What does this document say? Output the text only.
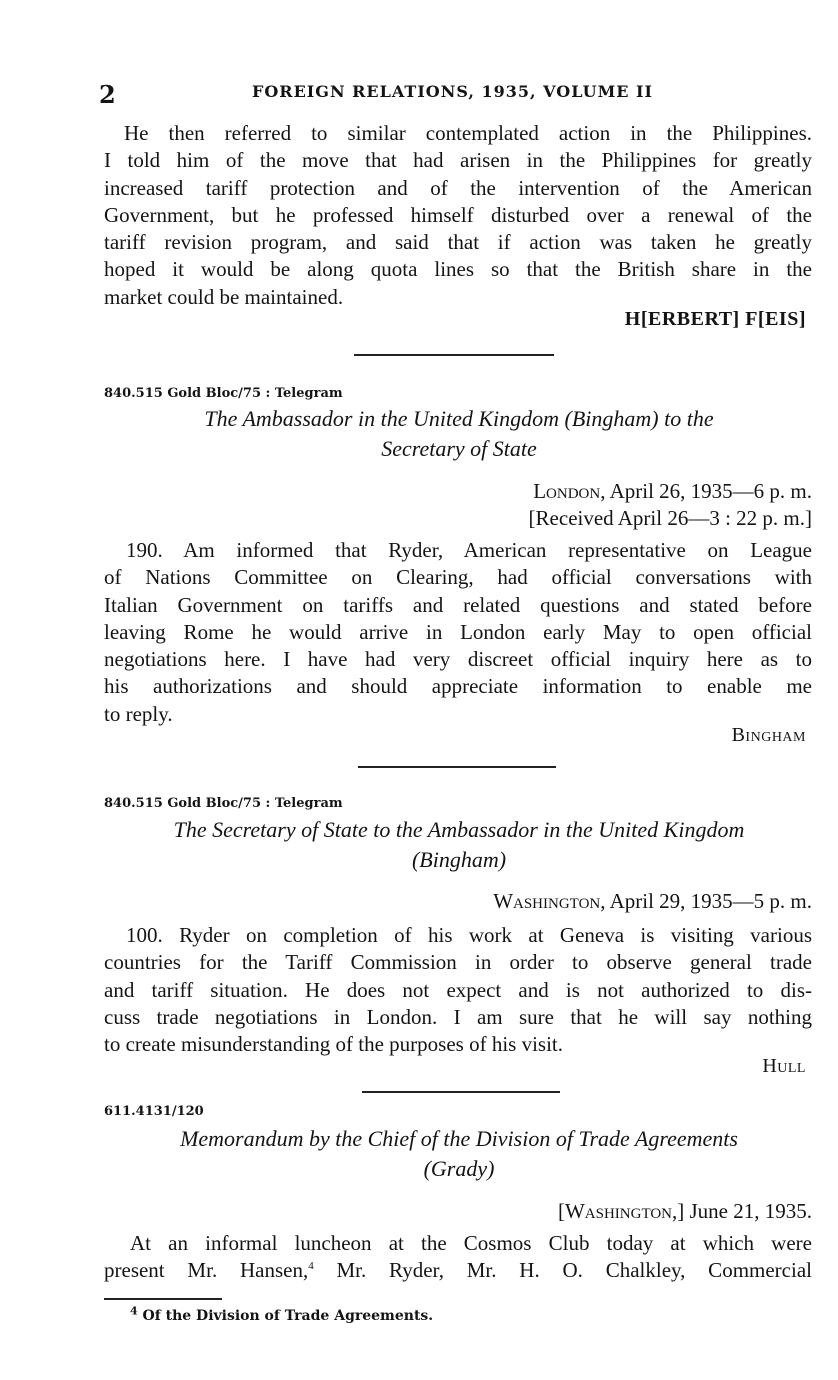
2	FOREIGN RELATIONS, 1935, VOLUME II
He then referred to similar contemplated action in the Philippines.
I told him of the move that had arisen in the Philippines for greatly
increased tariff protection and of the intervention of the American
Government, but he professed himself disturbed over a renewal of the
tariff revision program, and said that if action was taken he greatly
hoped it would be along quota lines so that the British share in the
market could be maintained.
H[ERBERT] F[EIS]
840.515 Gold Bloc/75 : Telegram
The Ambassador in the United Kingdom (Bingham) to the
Secretary of State
London, April 26, 1935—6 p. m.
[Received April 26—3 : 22 p. m.]
190. Am informed that Ryder, American representative on League
of Nations Committee on Clearing, had official conversations with
Italian Government on tariffs and related questions and stated before
leaving Rome he would arrive in London early May to open official
negotiations here. I have had very discreet official inquiry here as to
his authorizations and should appreciate information to enable me
to reply.
Bingham
840.515 Gold Bloc/75 : Telegram
The Secretary of State to the Ambassador in the United Kingdom
(Bingham)
Washington, April 29, 1935—5 p. m.
100. Ryder on completion of his work at Geneva is visiting various
countries for the Tariff Commission in order to observe general trade
and tariff situation. He does not expect and is not authorized to dis-
cuss trade negotiations in London. I am sure that he will say nothing
to create misunderstanding of the purposes of his visit.
Hull
611.4131/120
Memorandum by the Chief of the Division of Trade Agreements
(Grady)
[Washington,] June 21, 1935.
At an informal luncheon at the Cosmos Club today at which were
present Mr. Hansen,$^4$ Mr. Ryder, Mr. H. O. Chalkley, Commercial
$^4$ Of the Division of Trade Agreements.
